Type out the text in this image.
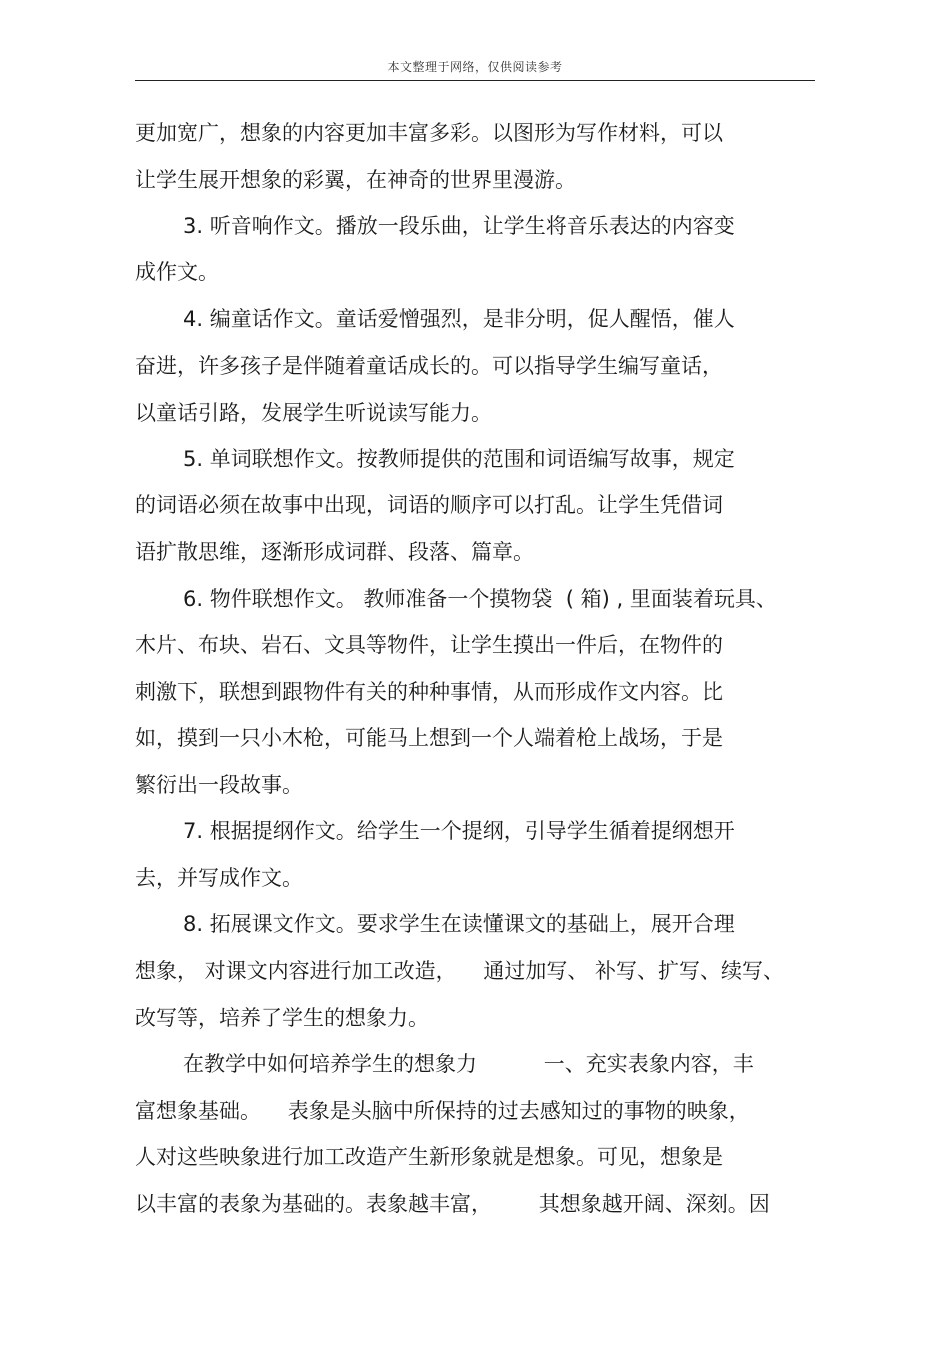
本文整理于网络，仅供阅读参考
更加宽广，想象的内容更加丰富多彩。以图形为写作材料，可以
让学生展开想象的彩翼，在神奇的世界里漫游。
3. 听音响作文。播放一段乐曲，让学生将音乐表达的内容变
成作文。
4. 编童话作文。童话爱憎强烈，是非分明，促人醒悟，催人
奋进，许多孩子是伴随着童话成长的。可以指导学生编写童话，
以童话引路，发展学生听说读写能力。
5. 单词联想作文。按教师提供的范围和词语编写故事，规定
的词语必须在故事中出现，词语的顺序可以打乱。让学生凭借词
语扩散思维，逐渐形成词群、段落、篇章。
6. 物件联想作文。 教师准备一个摸物袋  ( 箱) , 里面装着玩具、
木片、布块、岩石、文具等物件，让学生摸出一件后，在物件的
刺激下，联想到跟物件有关的种种事情，从而形成作文内容。比
如，摸到一只小木枪，可能马上想到一个人端着枪上战场，于是
繁衍出一段故事。
7. 根据提纲作文。给学生一个提纲，引导学生循着提纲想开
去，并写成作文。
8. 拓展课文作文。要求学生在读懂课文的基础上，展开合理
想象， 对课文内容进行加工改造，    通过加写、 补写、扩写、续写、
改写等，培养了学生的想象力。
在教学中如何培养学生的想象力          一、充实表象内容，丰
富想象基础。    表象是头脑中所保持的过去感知过的事物的映象，
人对这些映象进行加工改造产生新形象就是想象。可见，想象是
以丰富的表象为基础的。表象越丰富，       其想象越开阔、深刻。因
